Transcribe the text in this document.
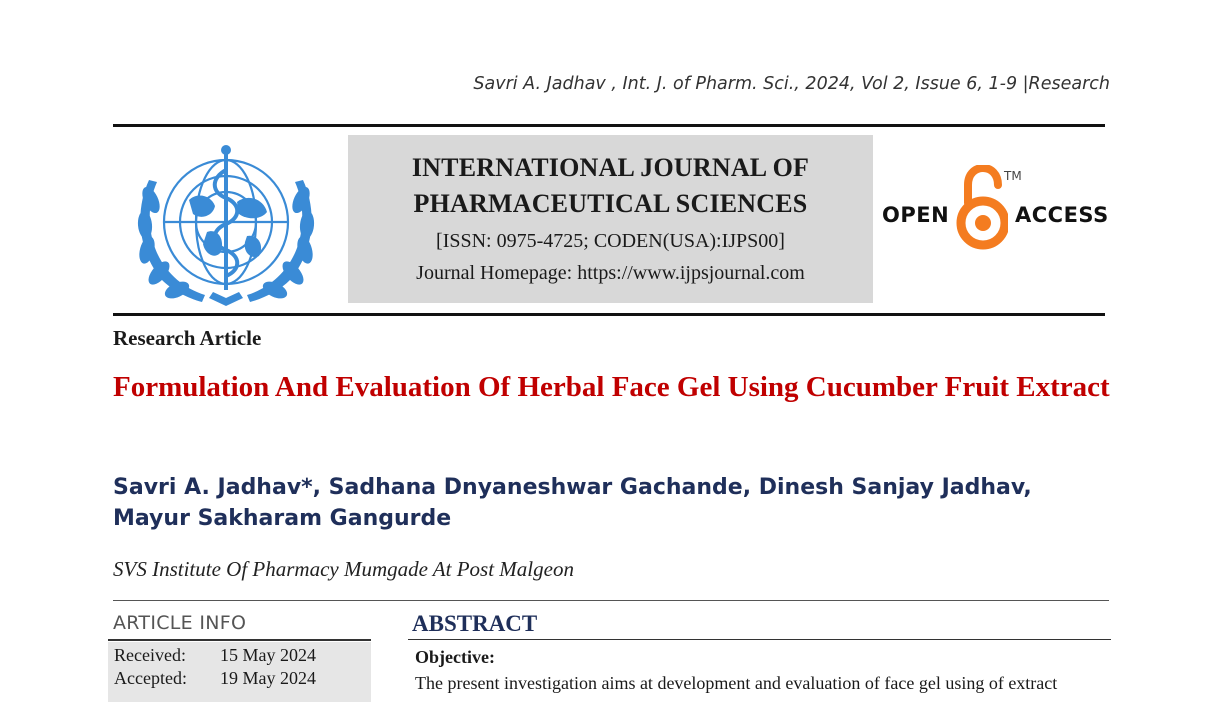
Savri A. Jadhav , Int. J. of Pharm. Sci., 2024, Vol 2, Issue 6, 1-9 |Research
INTERNATIONAL JOURNAL OF
PHARMACEUTICAL SCIENCES
[ISSN: 0975-4725; CODEN(USA):IJPS00]
Journal Homepage: https://www.ijpsjournal.com
OPEN
TM
ACCESS
Research Article
Formulation And Evaluation Of Herbal Face Gel Using Cucumber Fruit Extract
Savri A. Jadhav*, Sadhana Dnyaneshwar Gachande, Dinesh Sanjay Jadhav, Mayur Sakharam Gangurde
SVS Institute Of Pharmacy Mumgade At Post Malgeon
ARTICLE INFO
Received: 15 May 2024
Accepted: 19 May 2024
ABSTRACT
Objective:
The present investigation aims at development and evaluation of face gel using of extract
